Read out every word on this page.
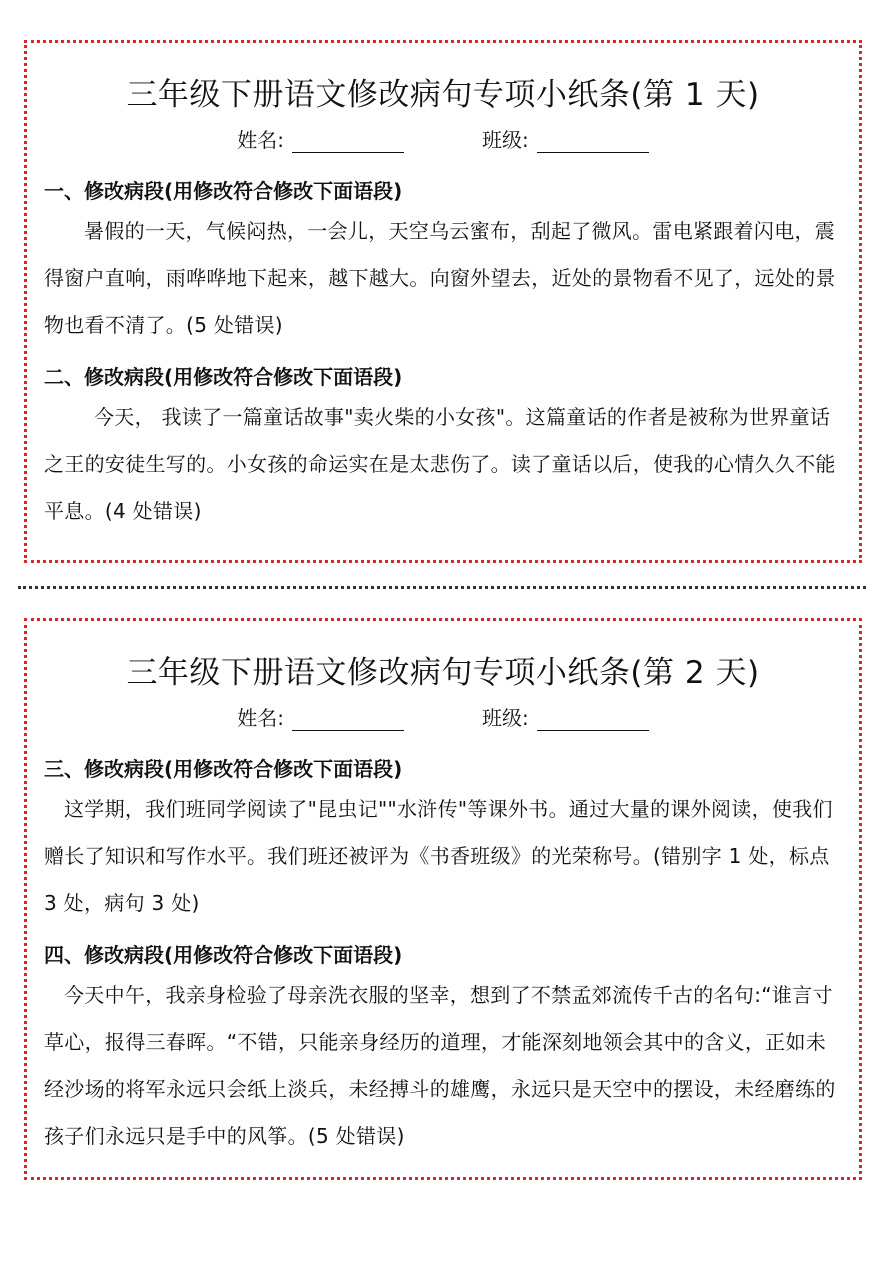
三年级下册语文修改病句专项小纸条(第 1 天)
姓名:	班级:
一、修改病段(用修改符合修改下面语段)
暑假的一天，气候闷热，一会儿，天空乌云蜜布，刮起了微风。雷电紧跟着闪电，震得窗户直响，雨哗哗地下起来，越下越大。向窗外望去，近处的景物看不见了，远处的景物也看不清了。(5 处错误)
二、修改病段(用修改符合修改下面语段)
今天， 我读了一篇童话故事"卖火柴的小女孩"。这篇童话的作者是被称为世界童话之王的安徒生写的。小女孩的命运实在是太悲伤了。读了童话以后，使我的心情久久不能平息。(4 处错误)
三年级下册语文修改病句专项小纸条(第 2 天)
姓名:	班级:
三、修改病段(用修改符合修改下面语段)
这学期，我们班同学阅读了"昆虫记""水浒传"等课外书。通过大量的课外阅读，使我们赠长了知识和写作水平。我们班还被评为《书香班级》的光荣称号。(错别字 1 处，标点 3 处，病句 3 处)
四、修改病段(用修改符合修改下面语段)
今天中午，我亲身检验了母亲洗衣服的坚幸，想到了不禁孟郊流传千古的名句:“谁言寸草心，报得三春晖。“不错，只能亲身经历的道理，才能深刻地领会其中的含义，正如未经沙场的将军永远只会纸上淡兵，未经搏斗的雄鹰，永远只是天空中的摆设，未经磨练的孩子们永远只是手中的风筝。(5 处错误)
